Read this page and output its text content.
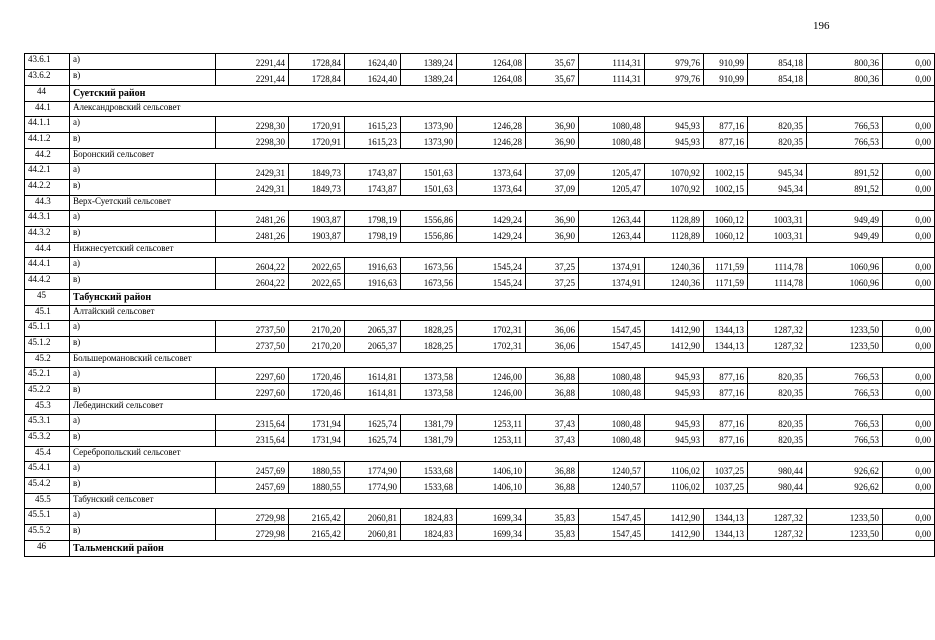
196
43.6.1	а)	2291,44	1728,84	1624,40	1389,24	1264,08	35,67	1114,31	979,76	910,99	854,18	800,36	0,00
43.6.2	в)	2291,44	1728,84	1624,40	1389,24	1264,08	35,67	1114,31	979,76	910,99	854,18	800,36	0,00
44	Суетский район												
44.1	Александровский сельсовет												
44.1.1	а)	2298,30	1720,91	1615,23	1373,90	1246,28	36,90	1080,48	945,93	877,16	820,35	766,53	0,00
44.1.2	в)	2298,30	1720,91	1615,23	1373,90	1246,28	36,90	1080,48	945,93	877,16	820,35	766,53	0,00
44.2	Боронский сельсовет												
44.2.1	а)	2429,31	1849,73	1743,87	1501,63	1373,64	37,09	1205,47	1070,92	1002,15	945,34	891,52	0,00
44.2.2	в)	2429,31	1849,73	1743,87	1501,63	1373,64	37,09	1205,47	1070,92	1002,15	945,34	891,52	0,00
44.3	Верх-Суетский сельсовет												
44.3.1	а)	2481,26	1903,87	1798,19	1556,86	1429,24	36,90	1263,44	1128,89	1060,12	1003,31	949,49	0,00
44.3.2	в)	2481,26	1903,87	1798,19	1556,86	1429,24	36,90	1263,44	1128,89	1060,12	1003,31	949,49	0,00
44.4	Нижнесуетский сельсовет												
44.4.1	а)	2604,22	2022,65	1916,63	1673,56	1545,24	37,25	1374,91	1240,36	1171,59	1114,78	1060,96	0,00
44.4.2	в)	2604,22	2022,65	1916,63	1673,56	1545,24	37,25	1374,91	1240,36	1171,59	1114,78	1060,96	0,00
45	Табунский район												
45.1	Алтайский сельсовет												
45.1.1	а)	2737,50	2170,20	2065,37	1828,25	1702,31	36,06	1547,45	1412,90	1344,13	1287,32	1233,50	0,00
45.1.2	в)	2737,50	2170,20	2065,37	1828,25	1702,31	36,06	1547,45	1412,90	1344,13	1287,32	1233,50	0,00
45.2	Большеромановский сельсовет												
45.2.1	а)	2297,60	1720,46	1614,81	1373,58	1246,00	36,88	1080,48	945,93	877,16	820,35	766,53	0,00
45.2.2	в)	2297,60	1720,46	1614,81	1373,58	1246,00	36,88	1080,48	945,93	877,16	820,35	766,53	0,00
45.3	Лебединский сельсовет												
45.3.1	а)	2315,64	1731,94	1625,74	1381,79	1253,11	37,43	1080,48	945,93	877,16	820,35	766,53	0,00
45.3.2	в)	2315,64	1731,94	1625,74	1381,79	1253,11	37,43	1080,48	945,93	877,16	820,35	766,53	0,00
45.4	Серебропольский сельсовет												
45.4.1	а)	2457,69	1880,55	1774,90	1533,68	1406,10	36,88	1240,57	1106,02	1037,25	980,44	926,62	0,00
45.4.2	в)	2457,69	1880,55	1774,90	1533,68	1406,10	36,88	1240,57	1106,02	1037,25	980,44	926,62	0,00
45.5	Табунский сельсовет												
45.5.1	а)	2729,98	2165,42	2060,81	1824,83	1699,34	35,83	1547,45	1412,90	1344,13	1287,32	1233,50	0,00
45.5.2	в)	2729,98	2165,42	2060,81	1824,83	1699,34	35,83	1547,45	1412,90	1344,13	1287,32	1233,50	0,00
46	Тальменский район												
